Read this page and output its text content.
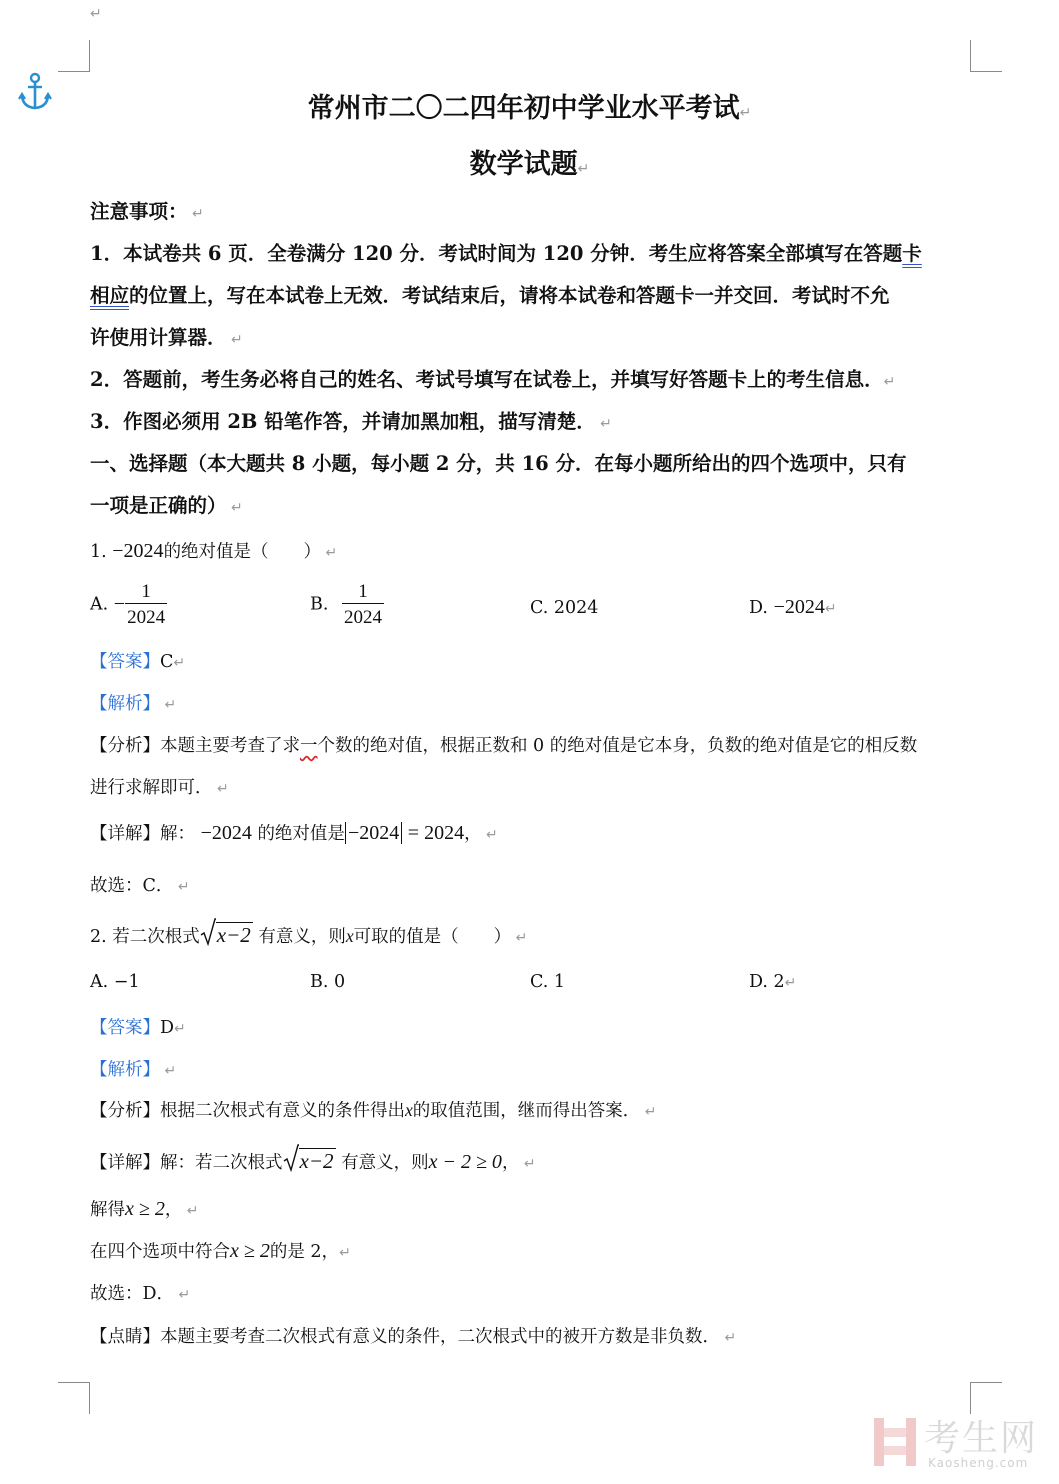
↵
常州市二〇二四年初中学业水平考试↵
数学试题↵
注意事项： ↵
1．本试卷共 6 页．全卷满分 120 分．考试时间为 120 分钟．考生应将答案全部填写在答题卡
相应的位置上，写在本试卷上无效．考试结束后，请将本试卷和答题卡一并交回．考试时不允
许使用计算器． ↵
2．答题前，考生务必将自己的姓名、考试号填写在试卷上，并填写好答题卡上的考生信息．↵
3．作图必须用 2B 铅笔作答，并请加黑加粗，描写清楚． ↵
一、选择题（本大题共 8 小题，每小题 2 分，共 16 分．在每小题所给出的四个选项中，只有
一项是正确的） ↵
1. −2024的绝对值是（　　） ↵
A. − $\frac{1}{2024}$	B. $\frac{1}{2024}$	C. 2024	D. −2024↵
【答案】C↵
【解析】 ↵
【分析】本题主要考查了求一个数的绝对值，根据正数和 0 的绝对值是它本身，负数的绝对值是它的相反数
进行求解即可． ↵
【详解】解： −2024 的绝对值是 −2024 = 2024， ↵
故选：C． ↵
2. 若二次根式 x−2 有意义，则x可取的值是（　　） ↵
A. −1	B. 0	C. 1	D. 2↵
【答案】D↵
【解析】 ↵
【分析】根据二次根式有意义的条件得出x的取值范围，继而得出答案． ↵
【详解】解：若二次根式 x−2 有意义，则x − 2 ≥ 0， ↵
解得x ≥ 2， ↵
在四个选项中符合x ≥ 2的是 2，↵
故选：D． ↵
【点睛】本题主要考查二次根式有意义的条件，二次根式中的被开方数是非负数． ↵
考生网
Kaosheng.com
